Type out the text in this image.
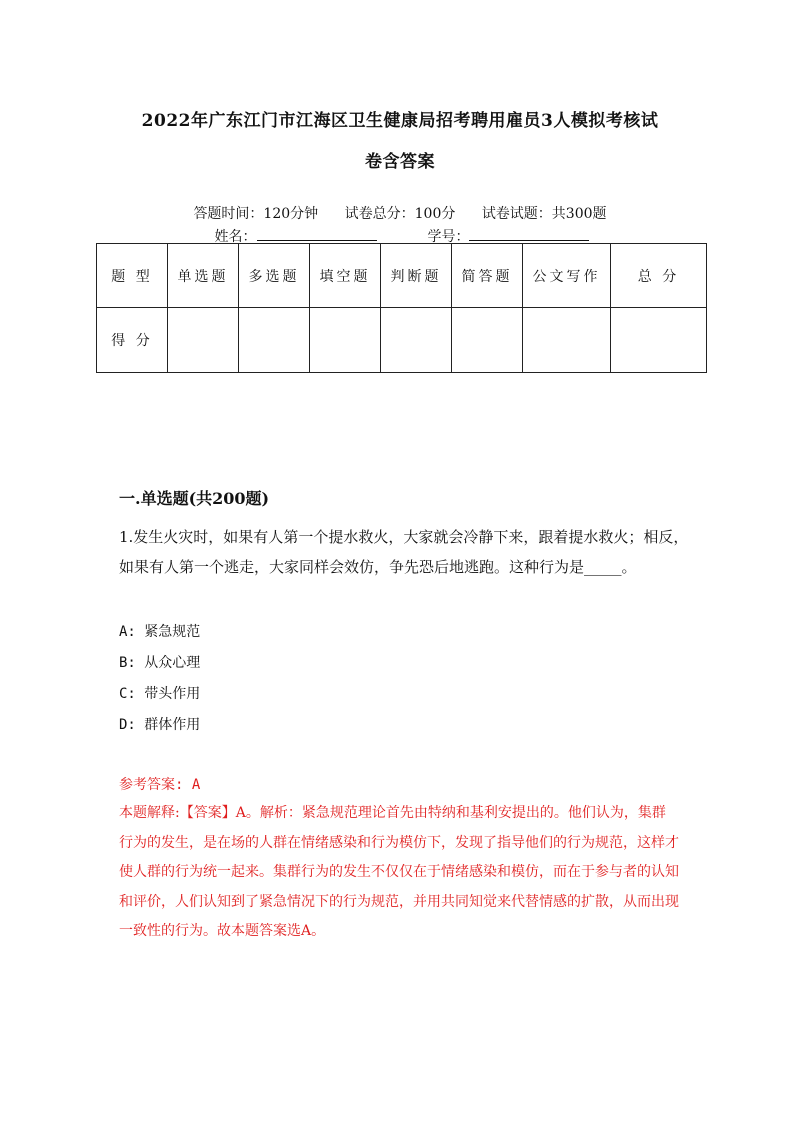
2022年广东江门市江海区卫生健康局招考聘用雇员3人模拟考核试
卷含答案
答题时间：120分钟 试卷总分：100分 试卷试题：共300题
姓名：	学号：
题 型	单选题	多选题	填空题	判断题	简答题	公文写作	总 分

得 分							

一.单选题(共200题)
1.发生火灾时，如果有人第一个提水救火，大家就会冷静下来，跟着提水救火；相反，如果有人第一个逃走，大家同样会效仿，争先恐后地逃跑。这种行为是_____。
A: 紧急规范
B: 从众心理
C: 带头作用
D: 群体作用
参考答案: A
本题解释:【答案】A。解析：紧急规范理论首先由特纳和基利安提出的。他们认为，集群行为的发生，是在场的人群在情绪感染和行为模仿下，发现了指导他们的行为规范，这样才使人群的行为统一起来。集群行为的发生不仅仅在于情绪感染和模仿，而在于参与者的认知和评价，人们认知到了紧急情况下的行为规范，并用共同知觉来代替情感的扩散，从而出现一致性的行为。故本题答案选A。
